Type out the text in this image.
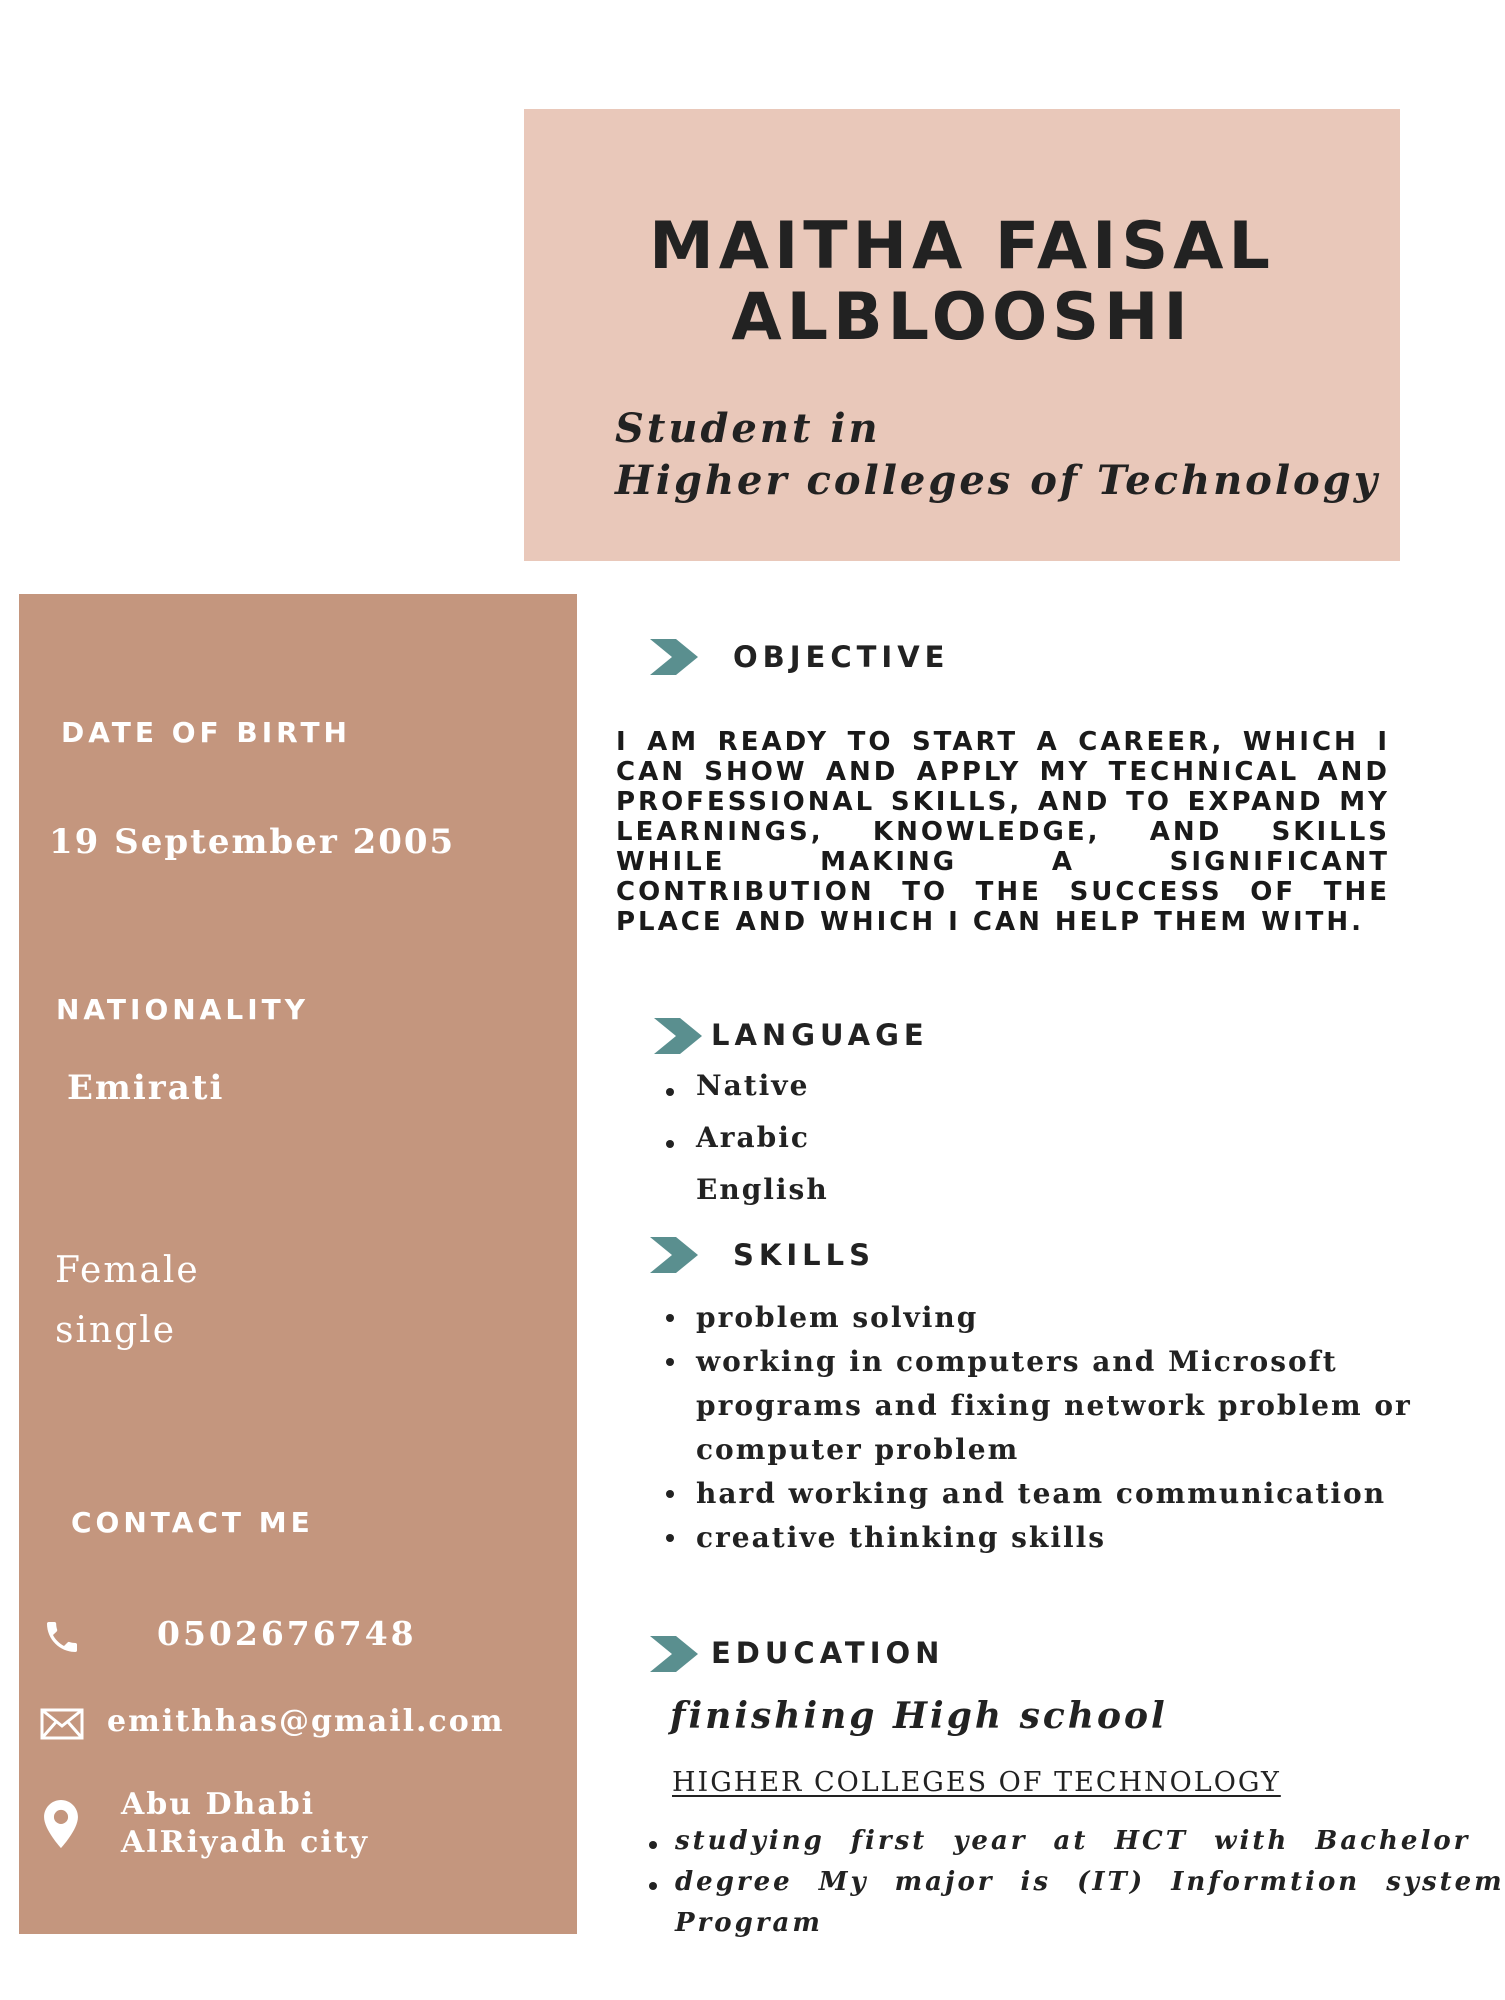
MAITHA FAISAL
ALBLOOSHI
Student in
Higher colleges of Technology
DATE OF BIRTH
19 September 2005
NATIONALITY
Emirati
Female
single
CONTACT ME
0502676748
emithhas@gmail.com
Abu Dhabi
AlRiyadh city
OBJECTIVE
I AM READY TO START A CAREER, WHICH I CAN SHOW AND APPLY MY TECHNICAL AND PROFESSIONAL SKILLS, AND TO EXPAND MY LEARNINGS, KNOWLEDGE, AND SKILLS WHILE MAKING A SIGNIFICANT CONTRIBUTION TO THE SUCCESS OF THE PLACE AND WHICH I CAN HELP THEM WITH.
LANGUAGE
Native
Arabic
English
SKILLS
problem solving
working in computers and Microsoft
programs and fixing network problem or
computer problem
hard working and team communication
creative thinking skills
EDUCATION
finishing High school
HIGHER COLLEGES OF TECHNOLOGY
studying first year at HCT with Bachelor
degree My major is (IT) Informtion system
Program
